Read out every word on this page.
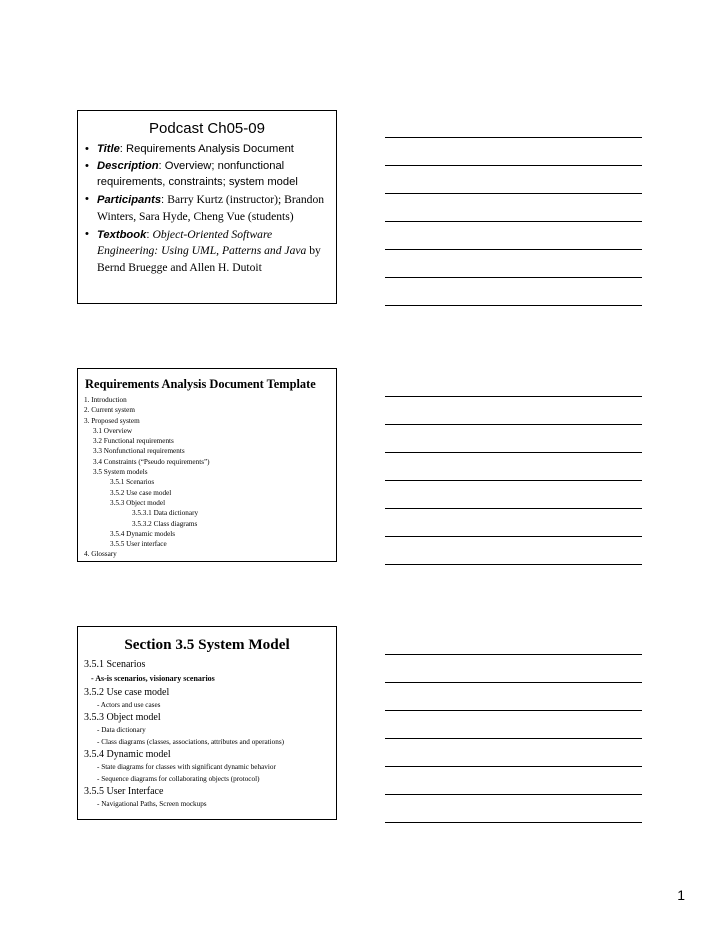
Podcast Ch05-09
• Title: Requirements Analysis Document
• Description: Overview; nonfunctional requirements, constraints; system model
• Participants: Barry Kurtz (instructor); Brandon Winters, Sara Hyde, Cheng Vue (students)
• Textbook: Object-Oriented Software Engineering: Using UML, Patterns and Java by Bernd Bruegge and Allen H. Dutoit
Requirements Analysis Document Template
1. Introduction
2. Current system
3. Proposed system
3.1 Overview
3.2 Functional requirements
3.3 Nonfunctional requirements
3.4 Constraints (“Pseudo requirements”)
3.5 System models
3.5.1 Scenarios
3.5.2 Use case model
3.5.3 Object model
3.5.3.1 Data dictionary
3.5.3.2 Class diagrams
3.5.4 Dynamic models
3.5.5 User interface
4. Glossary
Section 3.5 System Model
3.5.1 Scenarios
- As-is scenarios, visionary scenarios
3.5.2 Use case model
- Actors and use cases
3.5.3 Object model
- Data dictionary
- Class diagrams (classes, associations, attributes and operations)
3.5.4 Dynamic model
- State diagrams for classes with significant dynamic behavior
- Sequence diagrams for collaborating objects (protocol)
3.5.5 User Interface
- Navigational Paths, Screen mockups
1
